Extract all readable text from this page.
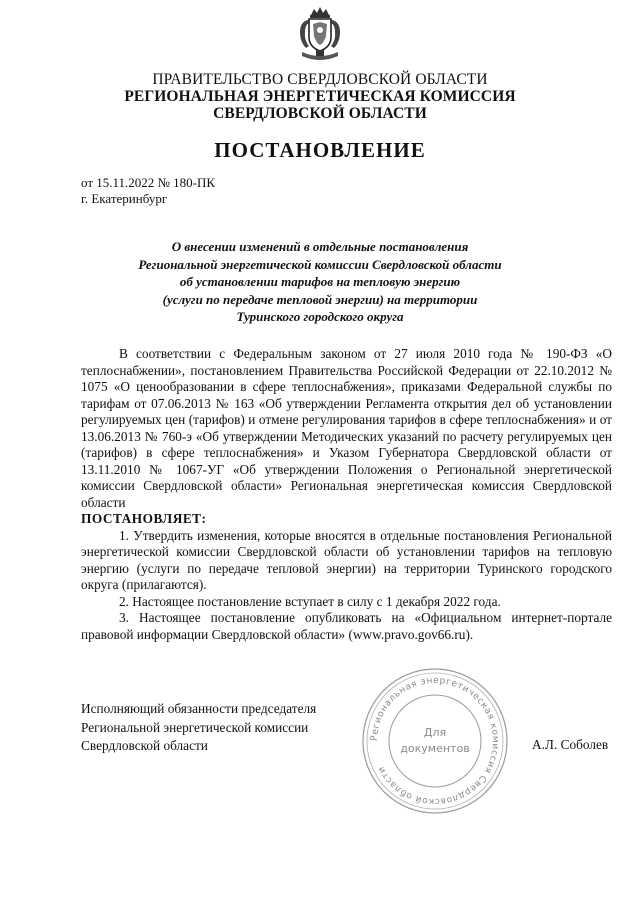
ПРАВИТЕЛЬСТВО СВЕРДЛОВСКОЙ ОБЛАСТИ
РЕГИОНАЛЬНАЯ ЭНЕРГЕТИЧЕСКАЯ КОМИССИЯ
СВЕРДЛОВСКОЙ ОБЛАСТИ
ПОСТАНОВЛЕНИЕ
от 15.11.2022 № 180-ПК
г. Екатеринбург
О внесении изменений в отдельные постановления
Региональной энергетической комиссии Свердловской области
об установлении тарифов на тепловую энергию
(услуги по передаче тепловой энергии) на территории
Туринского городского округа

В соответствии с Федеральным законом от 27 июля 2010 года № 190-ФЗ «О теплоснабжении», постановлением Правительства Российской Федерации от 22.10.2012 № 1075 «О ценообразовании в сфере теплоснабжения», приказами Федеральной службы по тарифам от 07.06.2013 № 163 «Об утверждении Регламента открытия дел об установлении регулируемых цен (тарифов) и отмене регулирования тарифов в сфере теплоснабжения» и от 13.06.2013 № 760-э «Об утверждении Методических указаний по расчету регулируемых цен (тарифов) в сфере теплоснабжения» и Указом Губернатора Свердловской области от 13.11.2010 № 1067-УГ «Об утверждении Положения о Региональной энергетической комиссии Свердловской области» Региональная энергетическая комиссия Свердловской области

ПОСТАНОВЛЯЕТ:

1. Утвердить изменения, которые вносятся в отдельные постановления Региональной энергетической комиссии Свердловской области об установлении тарифов на тепловую энергию (услуги по передаче тепловой энергии) на территории Туринского городского округа (прилагаются).

2. Настоящее постановление вступает в силу с 1 декабря 2022 года.

3. Настоящее постановление опубликовать на «Официальном интернет-портале правовой информации Свердловской области» (www.pravo.gov66.ru).

Региональная энергетическая комиссия Свердловской области
Для
документов
Исполняющий обязанности председателя
Региональной энергетической комиссии
Свердловской области	А.Л. Соболев
